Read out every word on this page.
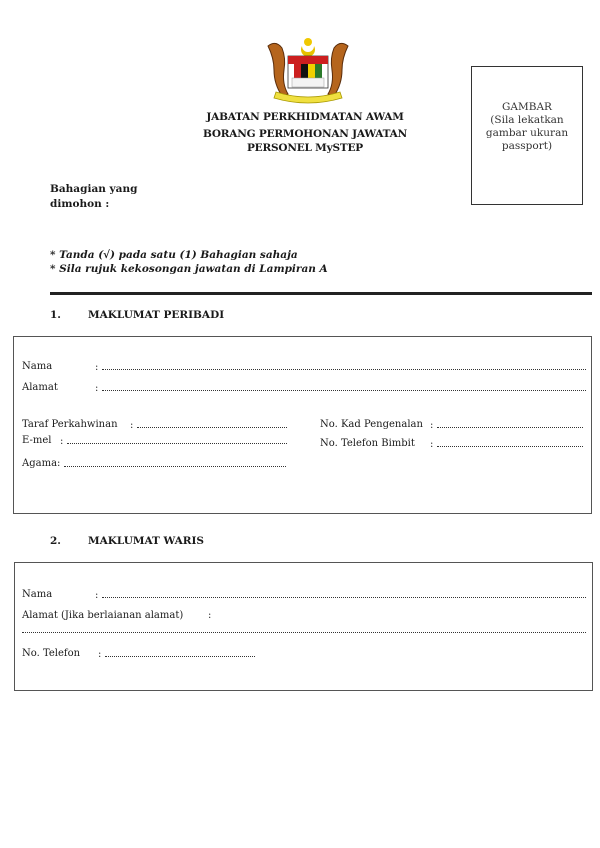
JABATAN PERKHIDMATAN AWAM
BORANG PERMOHONAN JAWATAN
PERSONEL MySTEP
GAMBAR
(Sila lekatkan
gambar ukuran
passport)
Bahagian yang
dimohon :
* Tanda (√) pada satu (1) Bahagian sahaja
* Sila rujuk kekosongan jawatan di Lampiran A
1.	MAKLUMAT PERIBADI
Nama	:
Alamat	:
Taraf Perkahwinan :
E-mel :
Agama:
No. Kad Pengenalan :
No. Telefon Bimbit :
2.	MAKLUMAT WARIS
Nama	:
Alamat (Jika berlaianan alamat) :
No. Telefon :
